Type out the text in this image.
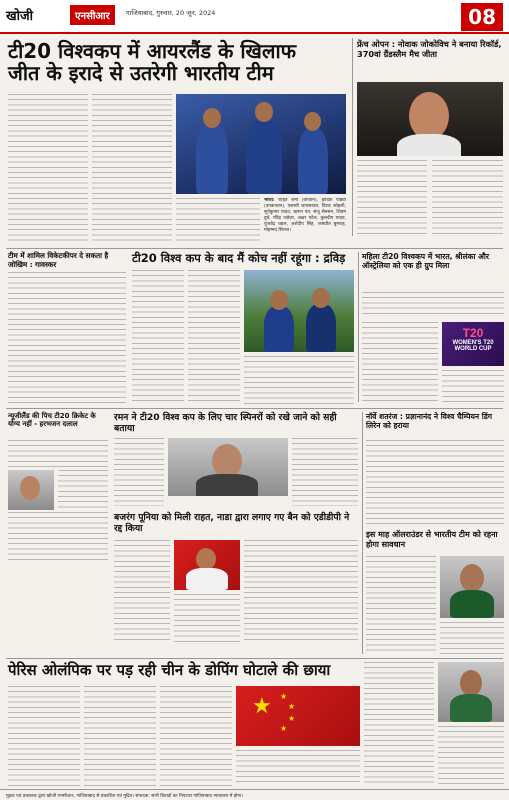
खोजी	एनसीआर	गाजियाबाद, गुरुवार, 20 जून, 2024	08
टी20 विश्वकप में आयरलैंड के खिलाफ
जीत के इरादे से उतरेगी भारतीय टीम
भारत: रोहित शर्मा (कप्तान), हार्दिक पांड्या (उपकप्तान), यशस्वी जायसवाल, विराट कोहली, सूर्यकुमार यादव, ऋषभ पंत, संजू सैमसन, शिवम दुबे, रविंद्र जडेजा, अक्षर पटेल, कुलदीप यादव, युजवेंद्र चहल, अर्शदीप सिंह, जसप्रीत बुमराह, मोहम्मद सिराज।
फ्रेंच ओपन : नोवाक जोकोविच ने बनाया रिकॉर्ड, 370वां ग्रैंडस्लैम मैच जीता
टीम में शामिल विकेटकीपर दे सकता है जोखिम : गावस्कर	टी20 विश्व कप के बाद मैं कोच नहीं रहूंगा : द्रविड़	महिला टी20 विश्वकप में भारत, श्रीलंका और ऑस्ट्रेलिया को एक ही ग्रुप मिला
T20
WOMEN'S T20
WORLD CUP
न्यूजीलैंड की पिच टी20 क्रिकेट के योग्य नहीं - हरभजन दलाल
रमन ने टी20 विश्व कप के लिए चार स्पिनरों को रखे जाने को सही बताया
नॉर्वे शतरंज : प्रज्ञानानंद ने विश्व चैम्पियन डिंग लिरेन को हराया
इस माह ऑलराउंडर से भारतीय टीम को रहना होगा सावधान
बजरंग पूनिया को मिली राहत, नाडा द्वारा लगाए गए बैन को एडीडीपी ने रद्द किया
पेरिस ओलंपिक पर पड़ रही चीन के डोपिंग घोटाले की छाया
★ ★
★
★
★
मुद्रक एवं प्रकाशक द्वारा खोजी एनसीआर, गाजियाबाद से प्रकाशित एवं मुद्रित। संपादक: सभी विवादों का निपटारा गाजियाबाद न्यायालय में होगा।
